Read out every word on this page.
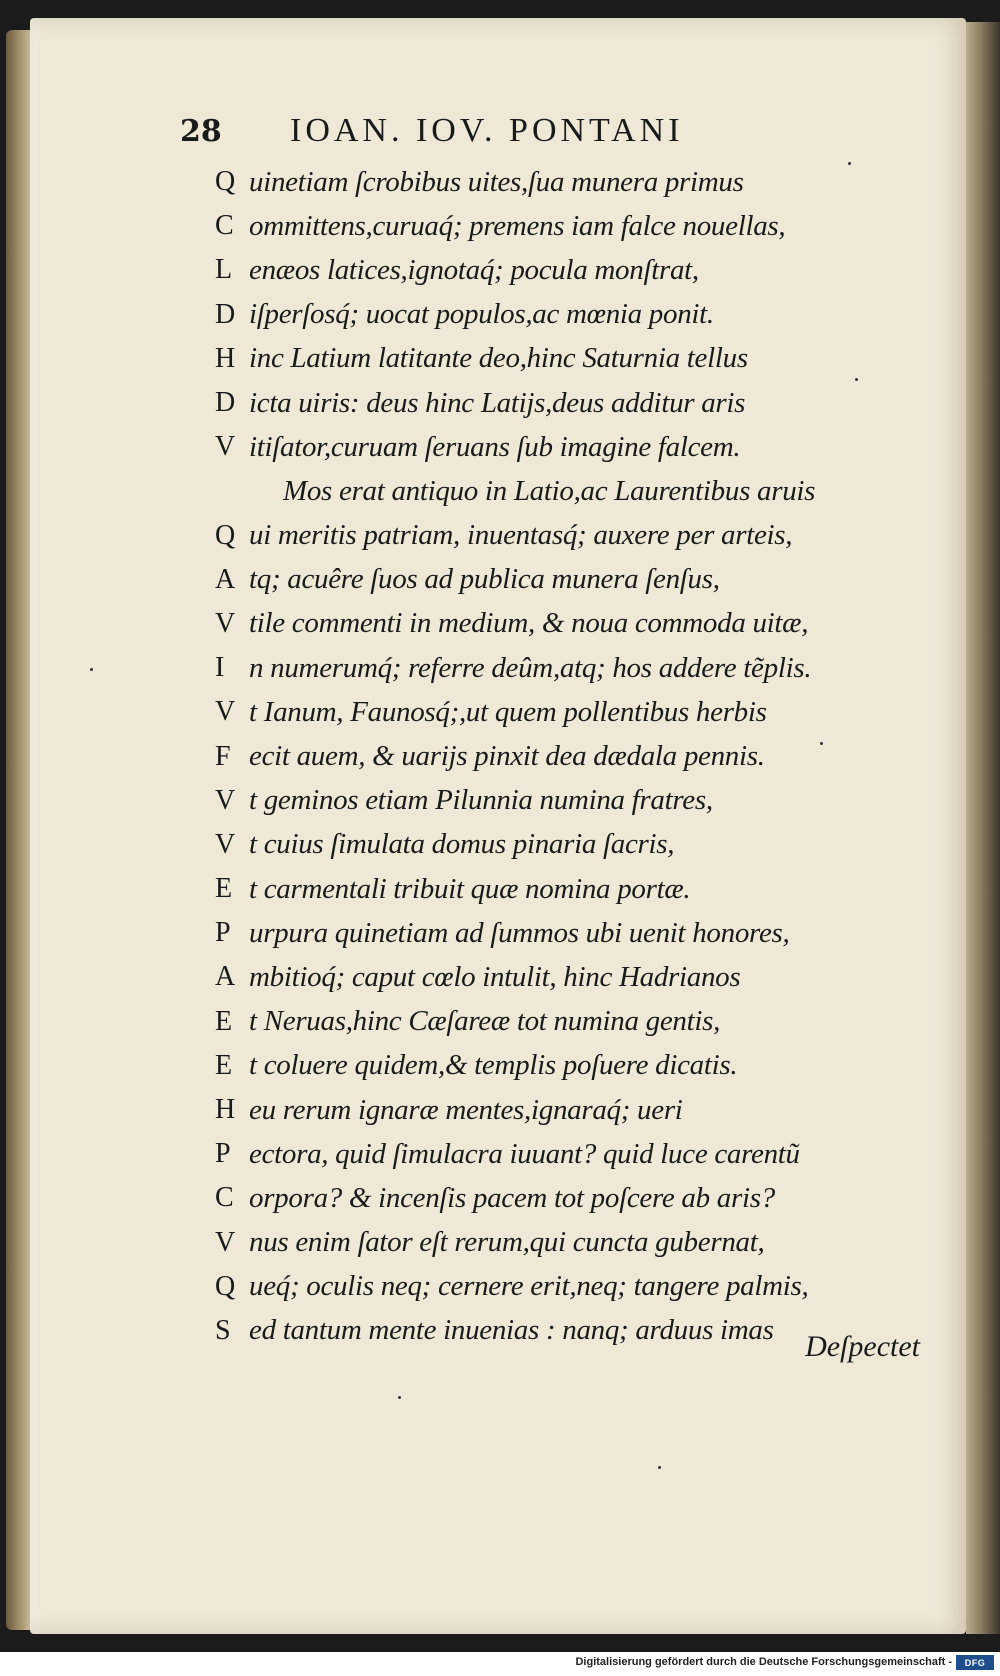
28	IOAN. IOV. PONTANI
Q uinetiam ſcrobibus uites,ſua munera primus
C ommittens,curuaq́; premens iam falce nouellas,
L enæos latices,ignotaq́; pocula monſtrat,
D iſperſosq́; uocat populos,ac mœnia ponit.
H inc Latium latitante deo,hinc Saturnia tellus
D icta uiris: deus hinc Latijs,deus additur aris
V itiſator,curuam ſeruans ſub imagine falcem.
Mos erat antiquo in Latio,ac Laurentibus aruis
Q ui meritis patriam, inuentasq́; auxere per arteis,
A tq; acuêre ſuos ad publica munera ſenſus,
V tile commenti in medium, & noua commoda uitæ,
I n numerumq́; referre deûm,atq; hos addere tẽplis.
V t Ianum, Faunosq́;,ut quem pollentibus herbis
F ecit auem, & uarijs pinxit dea dædala pennis.
V t geminos etiam Pilunnia numina fratres,
V t cuius ſimulata domus pinaria ſacris,
E t carmentali tribuit quæ nomina portæ.
P urpura quinetiam ad ſummos ubi uenit honores,
A mbitioq́; caput cœlo intulit, hinc Hadrianos
E t Neruas,hinc Cæſareæ tot numina gentis,
E t coluere quidem,& templis poſuere dicatis.
H eu rerum ignaræ mentes,ignaraq́; ueri
P ectora, quid ſimulacra iuuant? quid luce carentũ
C orpora? & incenſis pacem tot poſcere ab aris?
V nus enim ſator eſt rerum,qui cuncta gubernat,
Q ueq́; oculis neq; cernere erit,neq; tangere palmis,
S ed tantum mente inuenias : nanq; arduus imas Deſpectet
Digitalisierung gefördert durch die Deutsche Forschungsgemeinschaft -	DFG
